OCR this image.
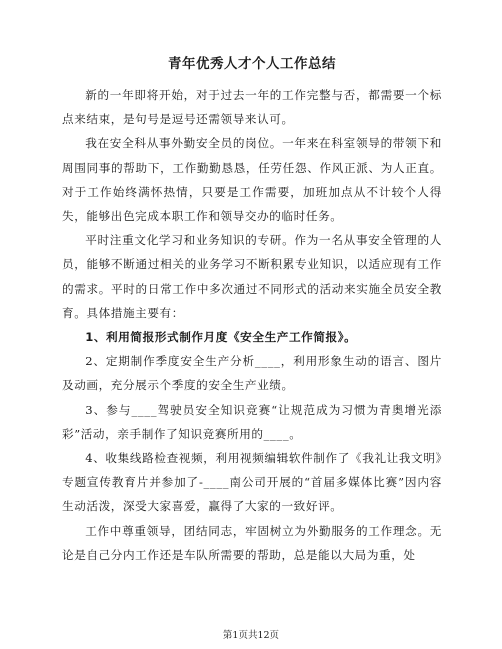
青年优秀人才个人工作总结

新的一年即将开始，对于过去一年的工作完整与否，都需要一个标点来结束，是句号是逗号还需领导来认可。

我在安全科从事外勤安全员的岗位。一年来在科室领导的带领下和周围同事的帮助下，工作勤勤恳恳，任劳任怨、作风正派、为人正直。对于工作始终满怀热情，只要是工作需要，加班加点从不计较个人得失，能够出色完成本职工作和领导交办的临时任务。

平时注重文化学习和业务知识的专研。作为一名从事安全管理的人员，能够不断通过相关的业务学习不断积累专业知识，以适应现有工作的需求。平时的日常工作中多次通过不同形式的活动来实施全员安全教育。具体措施主要有：

1、利用简报形式制作月度《安全生产工作简报》。

2、定期制作季度安全生产分析____，利用形象生动的语言、图片及动画，充分展示个季度的安全生产业绩。

3、参与____驾驶员安全知识竞赛“让规范成为习惯为青奥增光添彩”活动，亲手制作了知识竞赛所用的____。

4、收集线路检查视频，利用视频编辑软件制作了《我礼让我文明》专题宣传教育片并参加了-____南公司开展的“首届多媒体比赛”因内容生动活泼，深受大家喜爱，赢得了大家的一致好评。

工作中尊重领导，团结同志，牢固树立为外勤服务的工作理念。无论是自己分内工作还是车队所需要的帮助，总是能以大局为重，处

第1页共12页
